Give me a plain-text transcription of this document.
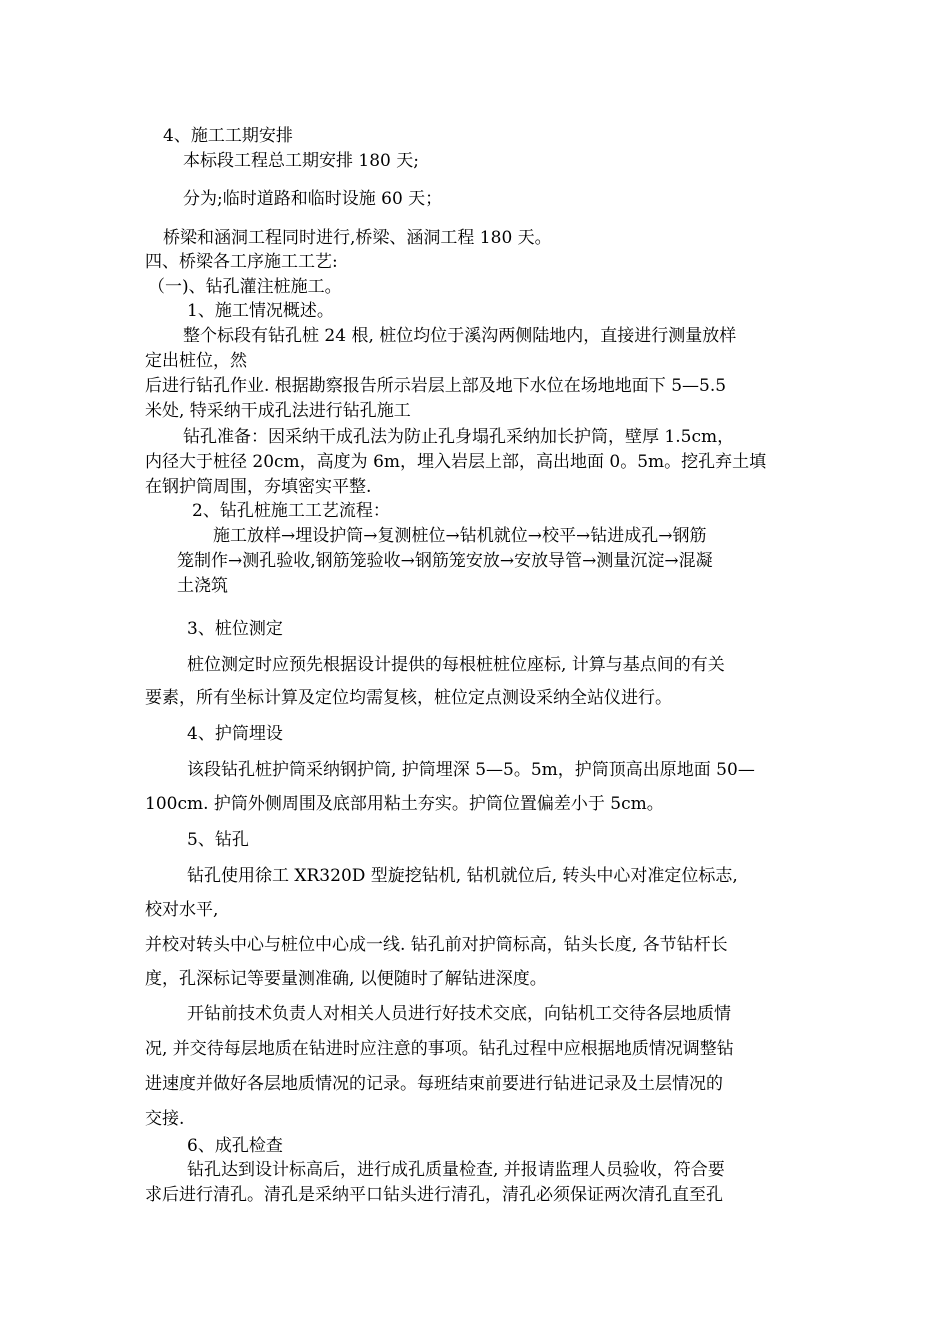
4、施工工期安排

本标段工程总工期安排 180 天;

分为;临时道路和临时设施 60 天；

桥梁和涵洞工程同时进行,桥梁、涵洞工程 180 天。

四、桥梁各工序施工工艺:

（一)、钻孔灌注桩施工。

1、施工情况概述。

整个标段有钻孔桩 24 根, 桩位均位于溪沟两侧陆地内，直接进行测量放样

定出桩位，然

后进行钻孔作业. 根据勘察报告所示岩层上部及地下水位在场地地面下 5—5.5

米处, 特采纳干成孔法进行钻孔施工

钻孔准备：因采纳干成孔法为防止孔身塌孔采纳加长护筒，壁厚 1.5cm，

内径大于桩径 20cm，高度为 6m，埋入岩层上部，高出地面 0。5m。挖孔弃土填

在钢护筒周围，夯填密实平整.

2、钻孔桩施工工艺流程：

施工放样→埋设护筒→复测桩位→钻机就位→校平→钻进成孔→钢筋

笼制作→测孔验收,钢筋笼验收→钢筋笼安放→安放导管→测量沉淀→混凝

土浇筑

3、桩位测定

桩位测定时应预先根据设计提供的每根桩桩位座标, 计算与基点间的有关

要素，所有坐标计算及定位均需复核，桩位定点测设采纳全站仪进行。

4、护筒埋设

该段钻孔桩护筒采纳钢护筒, 护筒埋深 5—5。5m，护筒顶高出原地面 50—

100cm. 护筒外侧周围及底部用粘土夯实。护筒位置偏差小于 5cm。

5、钻孔

钻孔使用徐工 XR320D 型旋挖钻机, 钻机就位后, 转头中心对准定位标志,

校对水平,

并校对转头中心与桩位中心成一线. 钻孔前对护筒标高，钻头长度, 各节钻杆长

度，孔深标记等要量测准确, 以便随时了解钻进深度。

开钻前技术负责人对相关人员进行好技术交底，向钻机工交待各层地质情

况, 并交待每层地质在钻进时应注意的事项。钻孔过程中应根据地质情况调整钻

进速度并做好各层地质情况的记录。每班结束前要进行钻进记录及土层情况的

交接.

6、成孔检查

钻孔达到设计标高后，进行成孔质量检查, 并报请监理人员验收，符合要

求后进行清孔。清孔是采纳平口钻头进行清孔，清孔必须保证两次清孔直至孔
